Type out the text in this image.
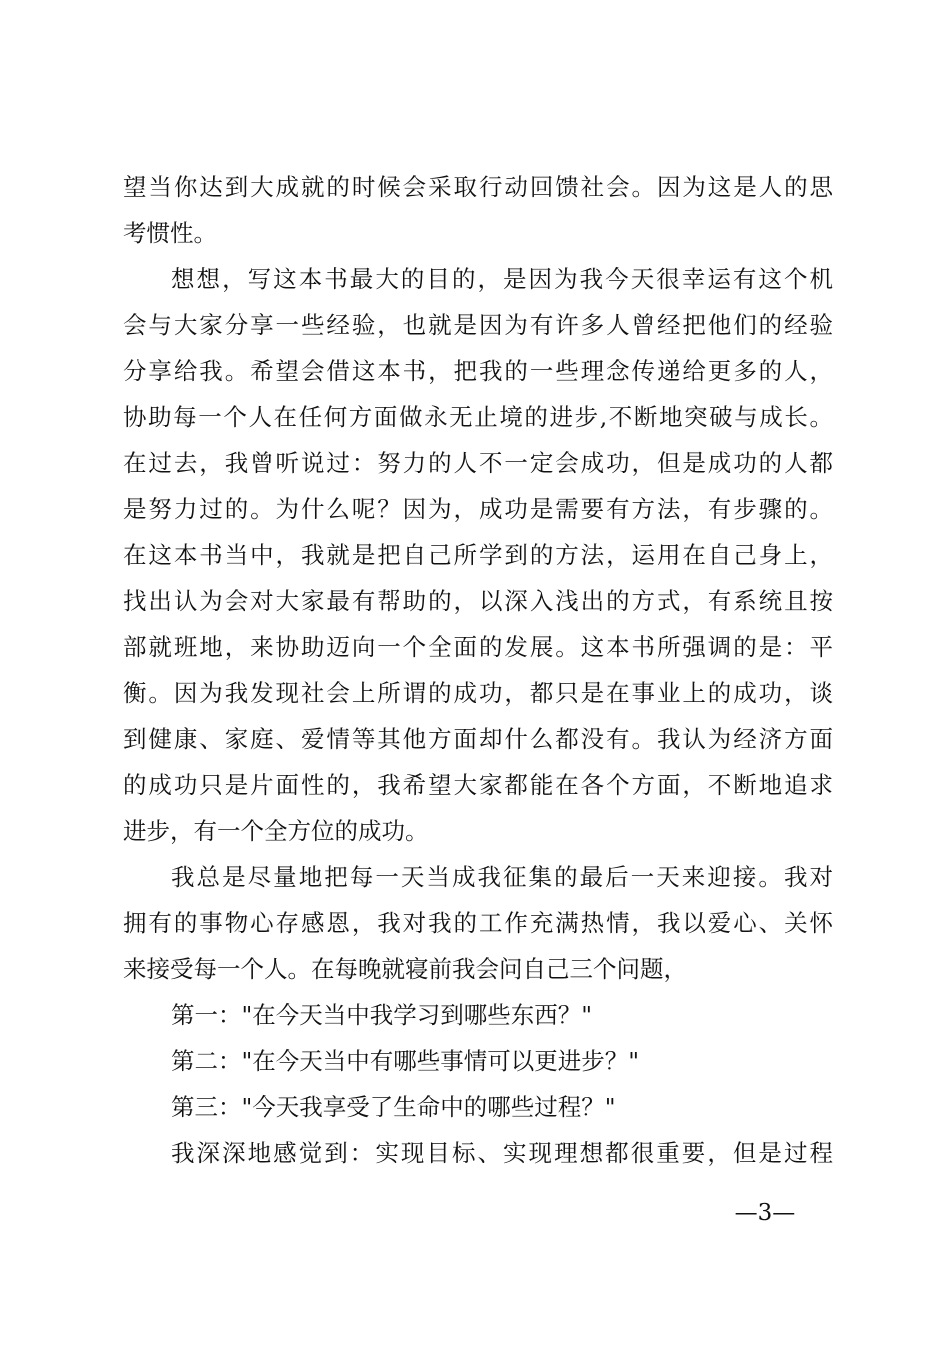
望当你达到大成就的时候会采取行动回馈社会。因为这是人的思
考惯性。
想想，写这本书最大的目的，是因为我今天很幸运有这个机
会与大家分享一些经验，也就是因为有许多人曾经把他们的经验
分享给我。希望会借这本书，把我的一些理念传递给更多的人，
协助每一个人在任何方面做永无止境的进步,不断地突破与成长。
在过去，我曾听说过：努力的人不一定会成功，但是成功的人都
是努力过的。为什么呢？因为，成功是需要有方法，有步骤的。
在这本书当中，我就是把自己所学到的方法，运用在自己身上，
找出认为会对大家最有帮助的，以深入浅出的方式，有系统且按
部就班地，来协助迈向一个全面的发展。这本书所强调的是：平
衡。因为我发现社会上所谓的成功，都只是在事业上的成功，谈
到健康、家庭、爱情等其他方面却什么都没有。我认为经济方面
的成功只是片面性的，我希望大家都能在各个方面，不断地追求
进步，有一个全方位的成功。
我总是尽量地把每一天当成我征集的最后一天来迎接。我对
拥有的事物心存感恩，我对我的工作充满热情，我以爱心、关怀
来接受每一个人。在每晚就寝前我会问自己三个问题，
第一："在今天当中我学习到哪些东西？"
第二："在今天当中有哪些事情可以更进步？"
第三："今天我享受了生命中的哪些过程？"
我深深地感觉到：实现目标、实现理想都很重要，但是过程
—3—
